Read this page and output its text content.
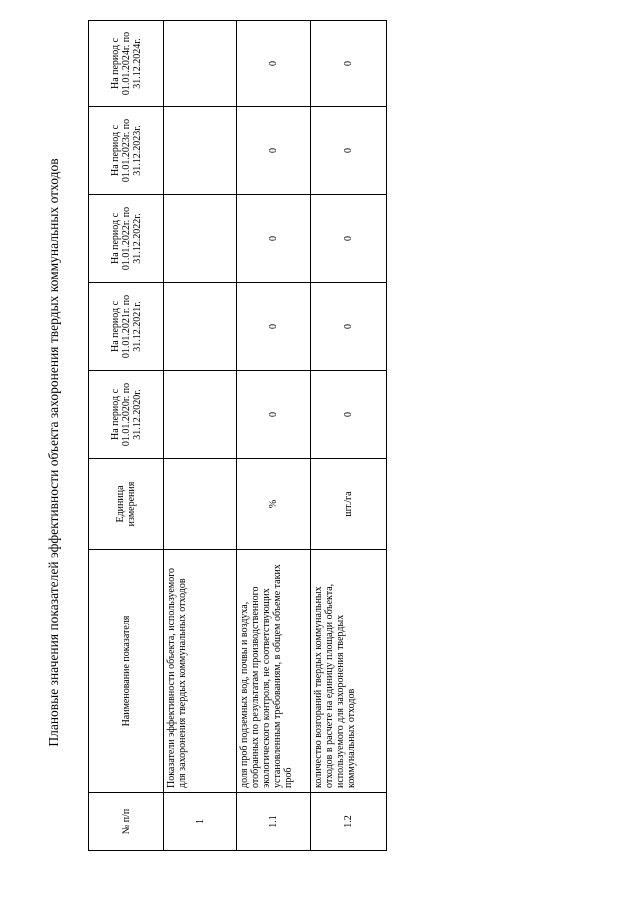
Плановые значения показателей эффективности объекта захоронения твердых коммунальных отходов
№ п/п	Наименование показателя	Единица измерения	На период с 01.01.2020г. по 31.12.2020г.	На период с 01.01.2021г. по 31.12.2021г.	На период с 01.01.2022г. по 31.12.2022г.	На период с 01.01.2023г. по 31.12.2023г.	На период с 01.01.2024г. по 31.12.2024г.
1	Показатели эффективности объекта, используемого для захоронения твердых коммунальных отходов						
1.1	доля проб подземных вод, почвы и воздуха, отобранных по результатам производственного экологического контроля, не соответствующих установленным требованиям, в общем объеме таких проб	%	0	0	0	0	0
1.2	количество возгораний твердых коммунальных отходов в расчете на единицу площади объекта, используемого для захоронения твердых коммунальных отходов	шт./га	0	0	0	0	0
